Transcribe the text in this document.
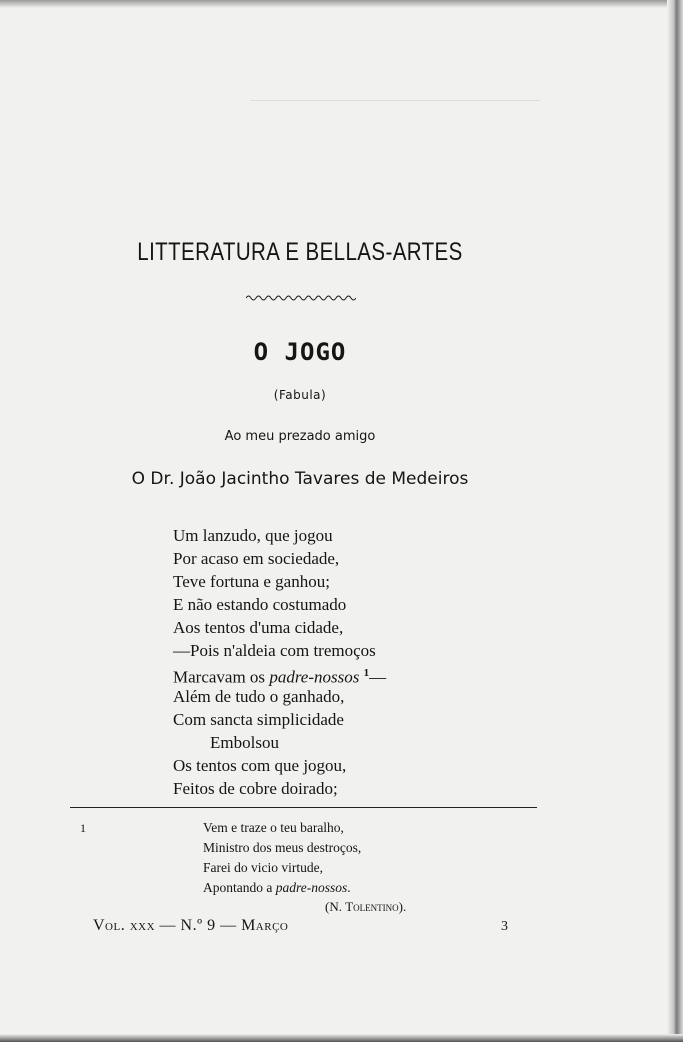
LITTERATURA E BELLAS-ARTES
O JOGO
(Fabula)
Ao meu prezado amigo
O Dr. João Jacintho Tavares de Medeiros
Um lanzudo, que jogou
Por acaso em sociedade,
Teve fortuna e ganhou;
E não estando costumado
Aos tentos d'uma cidade,
—Pois n'aldeia com tremoços
Marcavam os padre-nossos $^1$—
Além de tudo o ganhado,
Com sancta simplicidade
Embolsou
Os tentos com que jogou,
Feitos de cobre doirado;
1	Vem e traze o teu baralho,
Ministro dos meus destroços,
Farei do vicio virtude,
Apontando a padre-nossos.
(N. Tolentino).
Vol. xxx — N.º 9 — Março	3
